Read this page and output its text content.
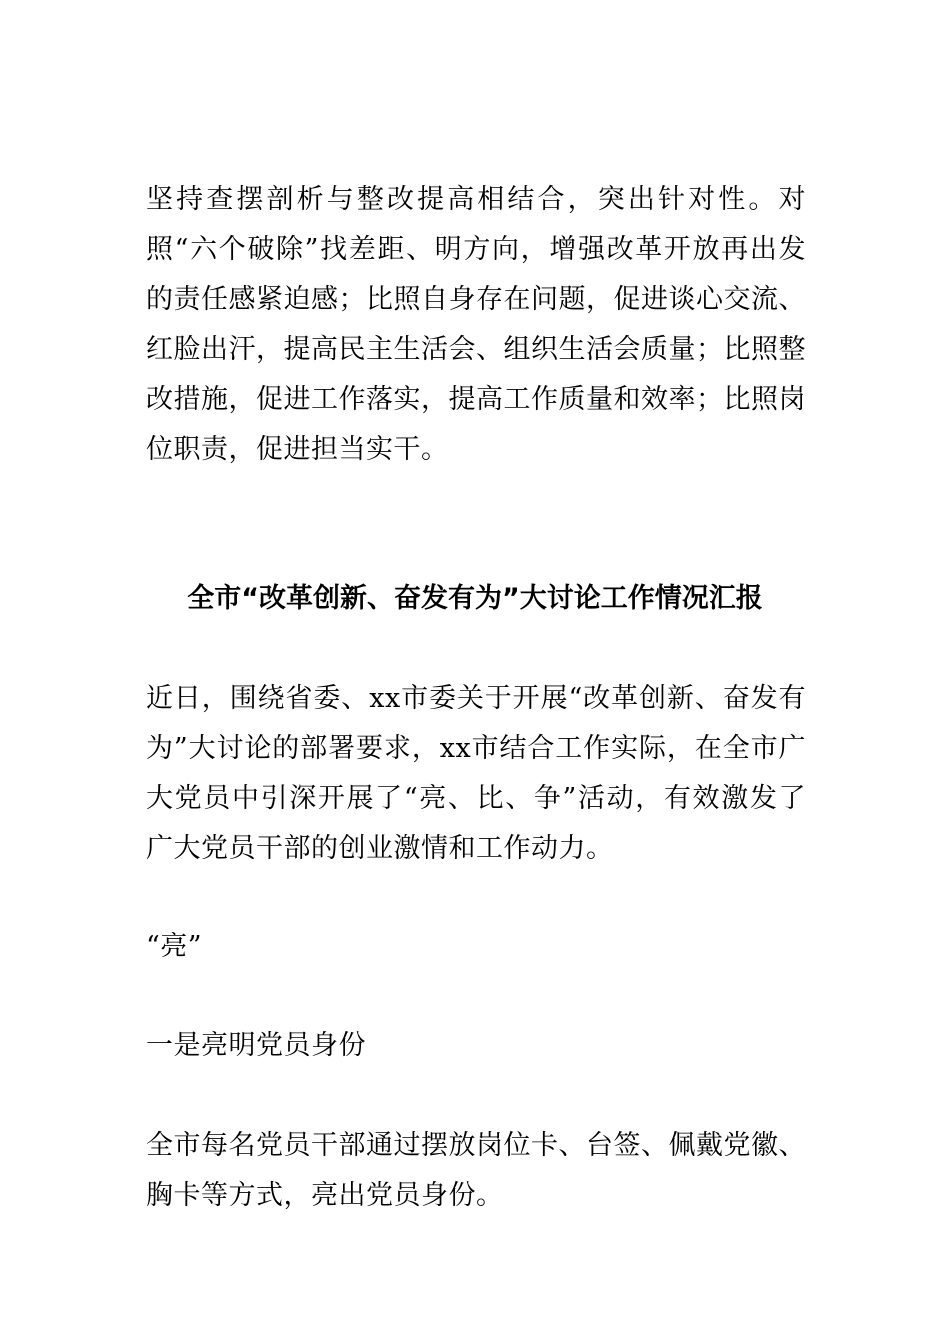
坚持查摆剖析与整改提高相结合，突出针对性。对照“六个破除”找差距、明方向，增强改革开放再出发的责任感紧迫感；比照自身存在问题，促进谈心交流、红脸出汗，提高民主生活会、组织生活会质量；比照整改措施，促进工作落实，提高工作质量和效率；比照岗位职责，促进担当实干。

全市“改革创新、奋发有为”大讨论工作情况汇报

近日，围绕省委、xx市委关于开展“改革创新、奋发有为”大讨论的部署要求，xx市结合工作实际，在全市广大党员中引深开展了“亮、比、争”活动，有效激发了广大党员干部的创业激情和工作动力。

“亮”

一是亮明党员身份

全市每名党员干部通过摆放岗位卡、台签、佩戴党徽、胸卡等方式，亮出党员身份。
